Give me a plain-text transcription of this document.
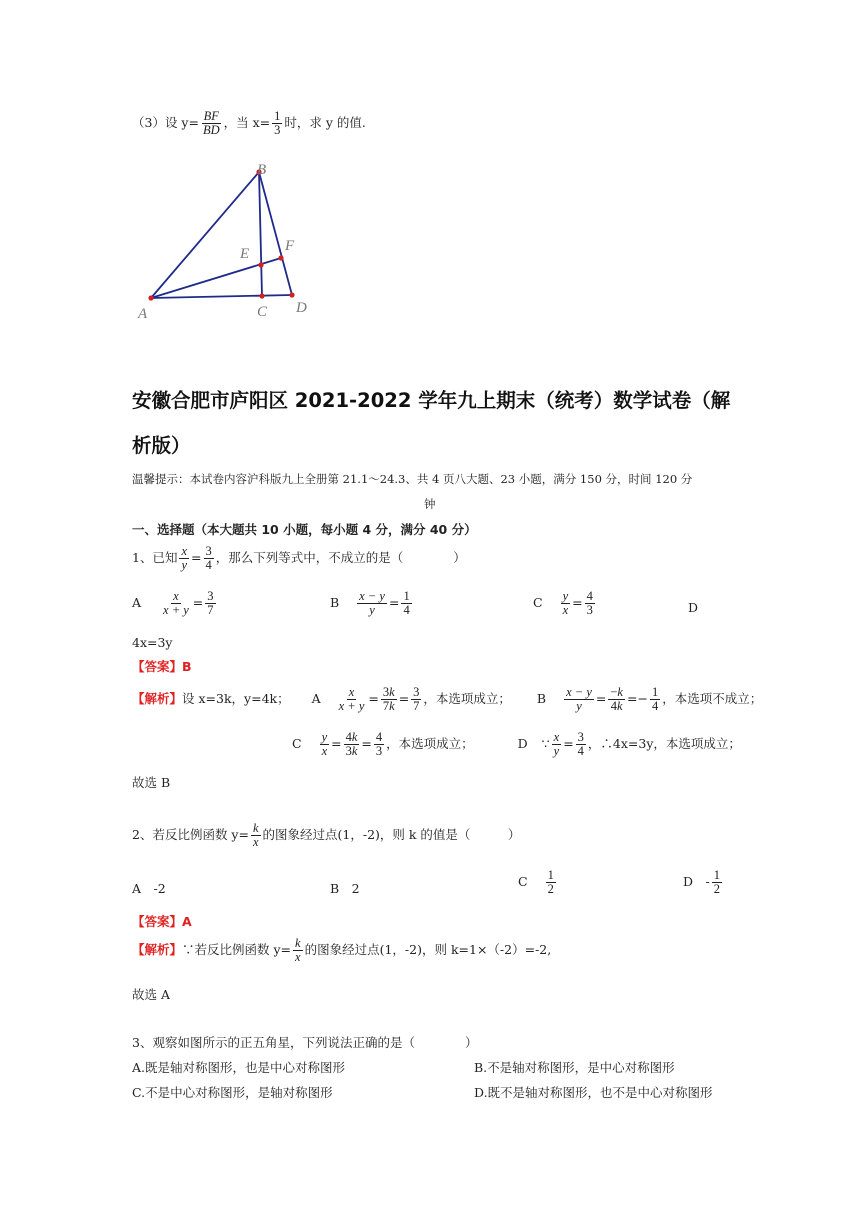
（3）设 $y= \frac{BF}{BD}$ ，当 $x= \frac{1}{3}$ 时，求 y 的值.
A
B
C D
E F
安徽合肥市庐阳区 2021-2022 学年九上期末（统考）数学试卷（解
析版）
温馨提示：本试卷内容沪科版九上全册第 21.1～24.3、共 4 页八大题、23 小题，满分 150 分，时间 120 分
钟
一、选择题（本大题共 10 小题，每小题 4 分，满分 40 分）
1、已知 $\frac{x}{y} = \frac{3}{4}$ ，那么下列等式中，不成立的是（　　　　）
A $\frac{x}{x + y} = \frac{3}{7}$	B $\frac{x - y}{y} = \frac{1}{4}$	C $\frac{y}{x} = \frac{4}{3}$	D
4x=3y
【答案】B
【解析】设 x=3k，y=4k； A $\frac{x}{x + y} = \frac{3k}{7k} = \frac{3}{7}$ ，本选项成立； B $\frac{x - y}{y} = \frac{-k}{4k} =- \frac{1}{4}$ ，本选项不成立；
C $\frac{y}{x} = \frac{4k}{3k} = \frac{4}{3}$ ，本选项成立；	D ∵ $\frac{x}{y} = \frac{3}{4}$ ，∴4x=3y，本选项成立；
故选 B
2、若反比例函数 $y= \frac{k}{x}$ 的图象经过点(1，-2)，则 k 的值是（　　　）
A　-2	B　2	C $\frac{1}{2}$	D　- $\frac{1}{2}$
【答案】A
【解析】∵若反比例函数 $y= \frac{k}{x}$ 的图象经过点(1，-2)，则 k=1×（-2）=-2,
故选 A
3、观察如图所示的正五角星，下列说法正确的是（　　　　）
A.既是轴对称图形，也是中心对称图形	B.不是轴对称图形，是中心对称图形
C.不是中心对称图形，是轴对称图形	D.既不是轴对称图形，也不是中心对称图形
